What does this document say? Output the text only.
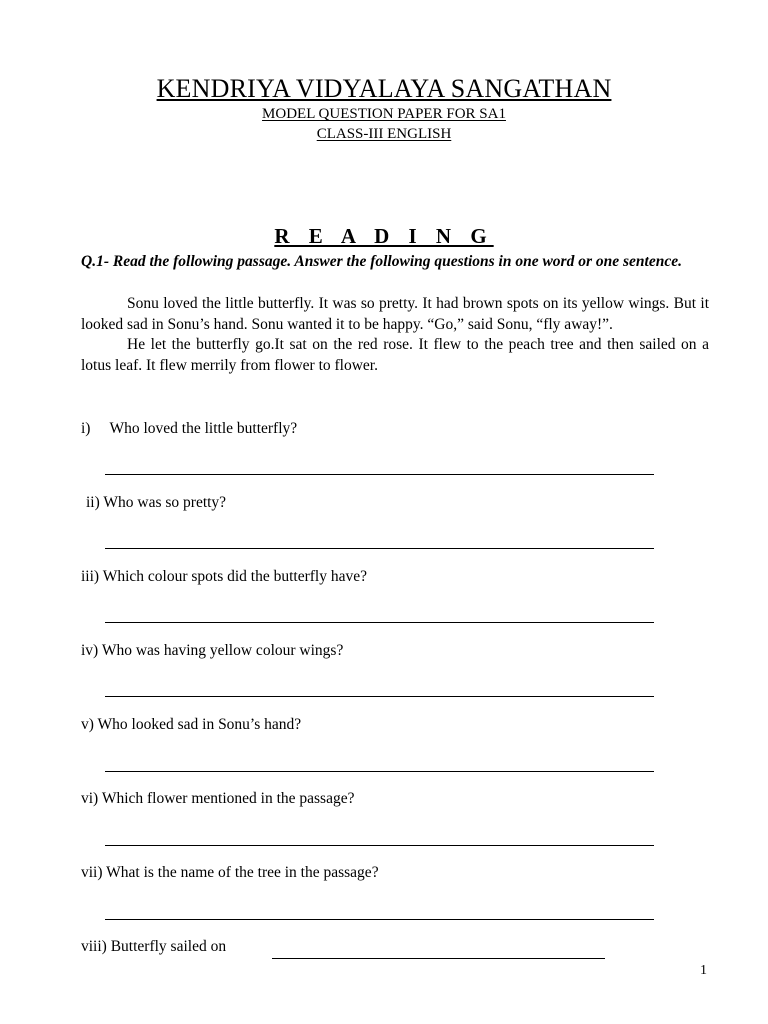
KENDRIYA VIDYALAYA SANGATHAN
MODEL QUESTION PAPER FOR SA1
CLASS-III ENGLISH
R E A D I N G
Q.1- Read the following passage. Answer the following questions in one word or one sentence.

Sonu loved the little butterfly. It was so pretty. It had brown spots on its yellow wings. But it looked sad in Sonu’s hand. Sonu wanted it to be happy. “Go,” said Sonu, “fly away!”.

He let the butterfly go.It sat on the red rose. It flew to the peach tree and then sailed on a lotus leaf. It flew merrily from flower to flower.

i) Who loved the little butterfly?
ii) Who was so pretty?
iii) Which colour spots did the butterfly have?
iv) Who was having yellow colour wings?
v) Who looked sad in Sonu’s hand?
vi) Which flower mentioned in the passage?
vii) What is the name of the tree in the passage?
viii) Butterfly sailed on
1
